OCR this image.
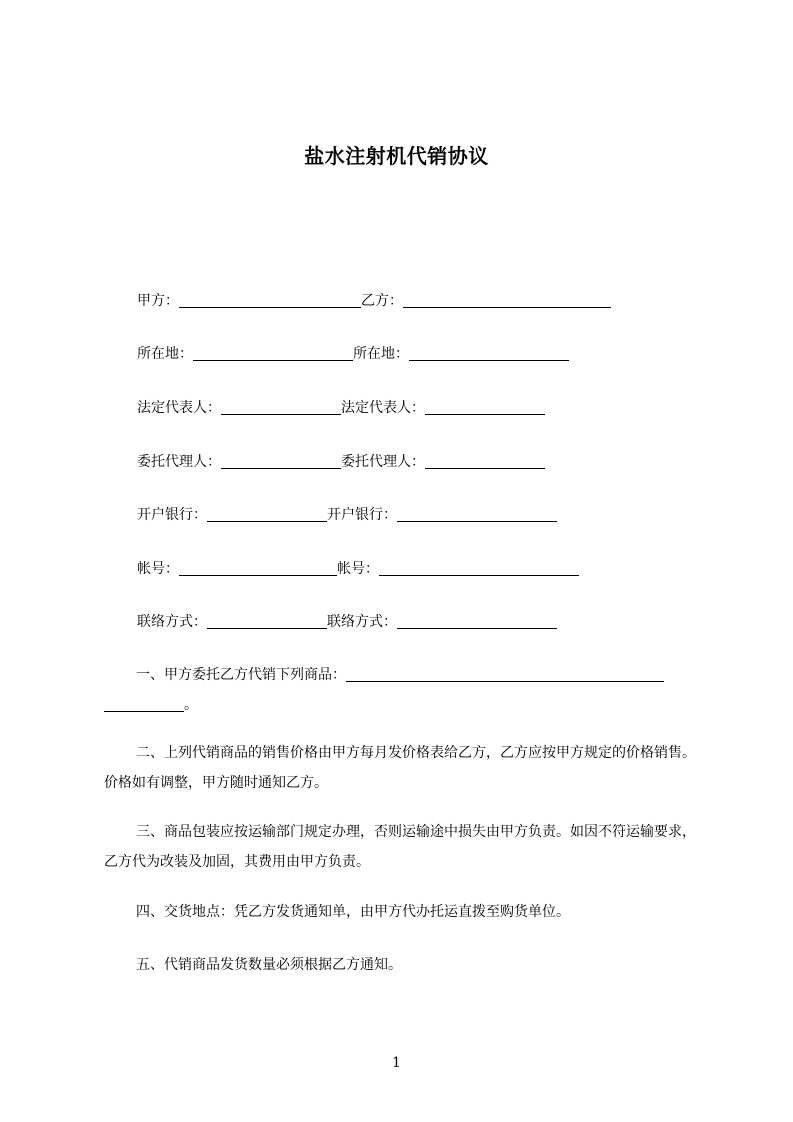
盐水注射机代销协议
甲方：	乙方：
所在地：	所在地：
法定代表人：	法定代表人：
委托代理人：	委托代理人：
开户银行：	开户银行：
帐号：	帐号：
联络方式：	联络方式：
一、甲方委托乙方代销下列商品：
。
二、上列代销商品的销售价格由甲方每月发价格表给乙方，乙方应按甲方规定的价格销售。价格如有调整，甲方随时通知乙方。
三、商品包装应按运输部门规定办理，否则运输途中损失由甲方负责。如因不符运输要求，乙方代为改装及加固，其费用由甲方负责。
四、交货地点：凭乙方发货通知单，由甲方代办托运直拨至购货单位。
五、代销商品发货数量必须根据乙方通知。
1
